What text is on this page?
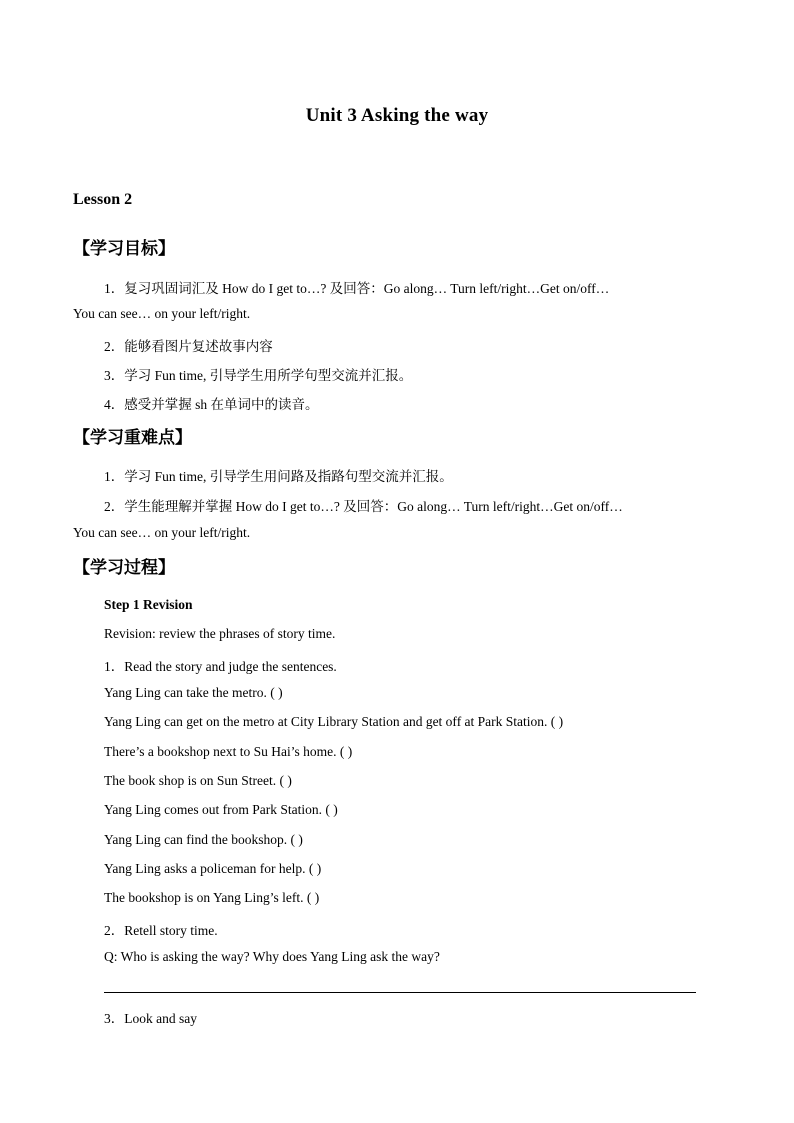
Unit 3 Asking the way
Lesson 2
【学习目标】
1．复习巩固词汇及 How do I get to…? 及回答：Go along… Turn left/right…Get on/off…
You can see… on your left/right.
2．能够看图片复述故事内容
3．学习 Fun time, 引导学生用所学句型交流并汇报。
4．感受并掌握 sh 在单词中的读音。
【学习重难点】
1．学习 Fun time, 引导学生用问路及指路句型交流并汇报。
2．学生能理解并掌握 How do I get to…? 及回答：Go along… Turn left/right…Get on/off…
You can see… on your left/right.
【学习过程】
Step 1 Revision
Revision: review the phrases of story time.
1．Read the story and judge the sentences.
Yang Ling can take the metro. ( )
Yang Ling can get on the metro at City Library Station and get off at Park Station. ( )
There’s a bookshop next to Su Hai’s home. ( )
The book shop is on Sun Street. ( )
Yang Ling comes out from Park Station. ( )
Yang Ling can find the bookshop. ( )
Yang Ling asks a policeman for help. ( )
The bookshop is on Yang Ling’s left. ( )
2．Retell story time.
Q: Who is asking the way? Why does Yang Ling ask the way?
3．Look and say
